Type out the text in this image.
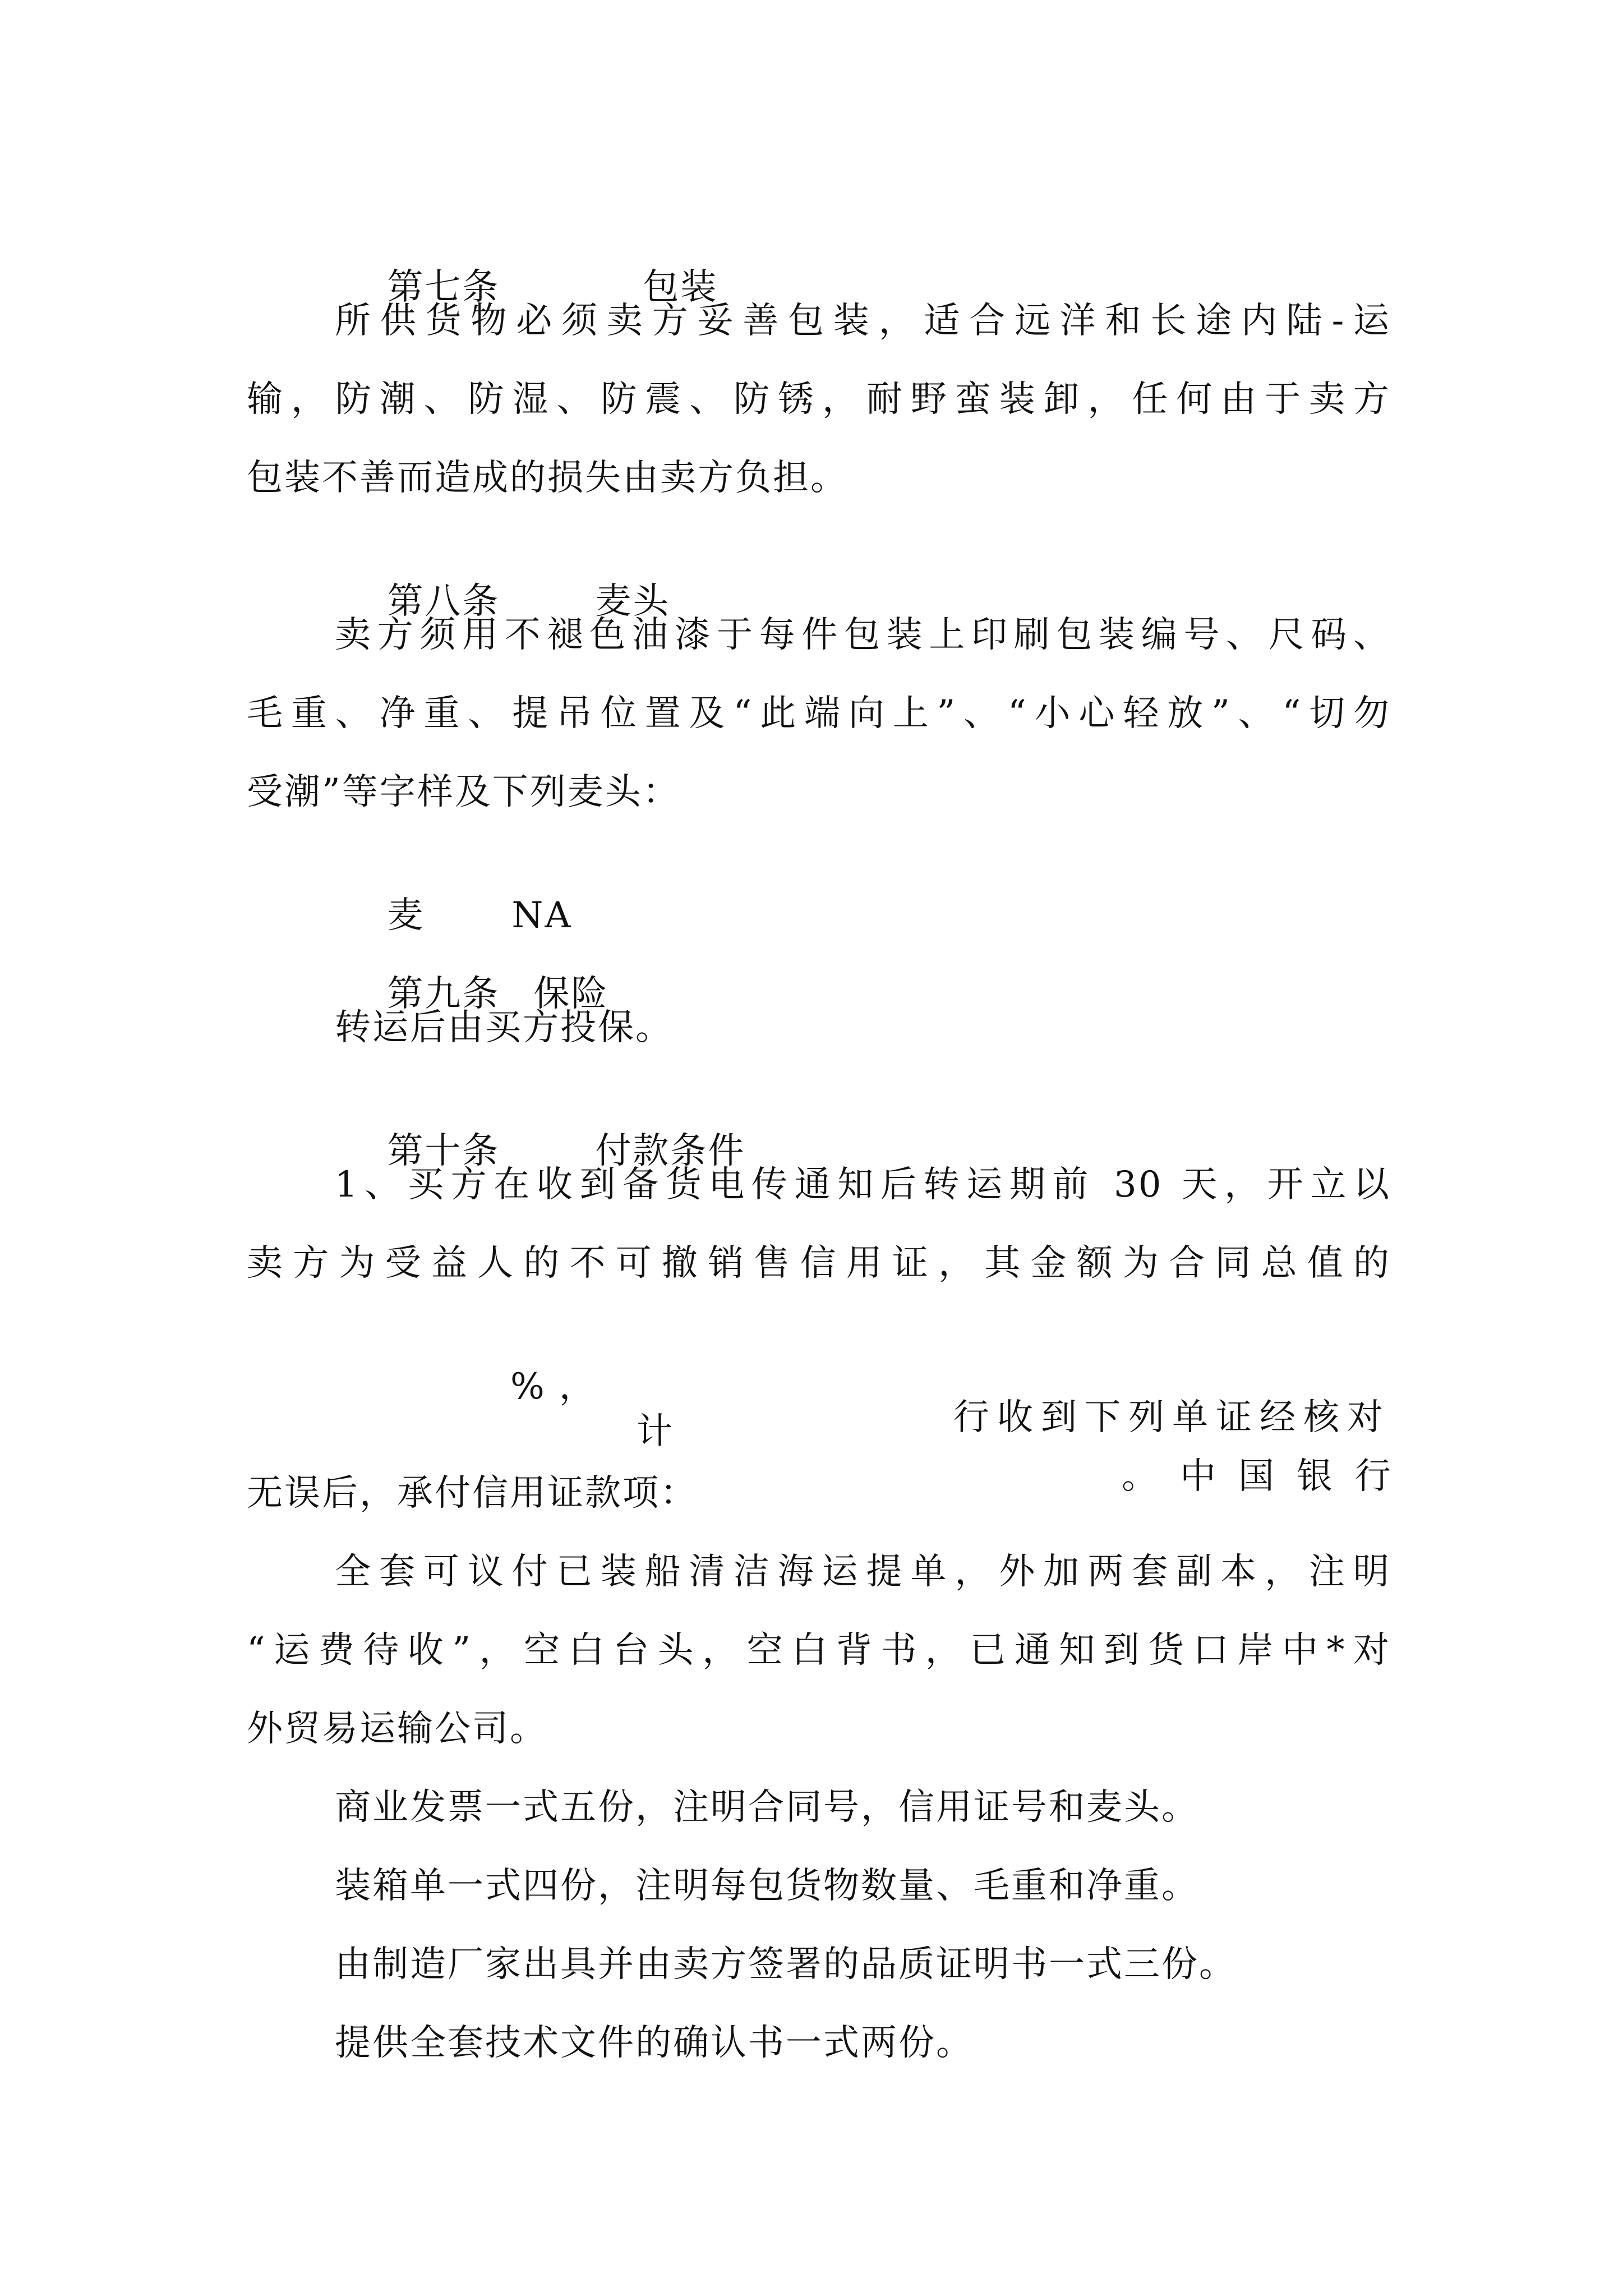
第七条	包装

所供货物必须卖方妥善包装，适合远洋和长途内陆-运
输，防潮、防湿、防震、防锈，耐野蛮装卸，任何由于卖方
包装不善而造成的损失由卖方负担。

第八条	麦头

卖方须用不褪色油漆于每件包装上印刷包装编号、尺码、
毛重、净重、提吊位置及“此端向上”、“小心轻放”、“切勿
受潮”等字样及下列麦头：

麦 NA

第九条 保险

转运后由买方投保。

第十条	付款条件

1、买方在收到备货电传通知后转运期前 30 天，开立以
卖方为受益人的不可撤销售信用证，其金额为合同总值的

%，

计

。中国银行

行收到下列单证经核对
无误后，承付信用证款项：
全套可议付已装船清洁海运提单，外加两套副本，注明
“运费待收”，空白台头，空白背书，已通知到货口岸中*对
外贸易运输公司。
商业发票一式五份，注明合同号，信用证号和麦头。
装箱单一式四份，注明每包货物数量、毛重和净重。
由制造厂家出具并由卖方签署的品质证明书一式三份。
提供全套技术文件的确认书一式两份。
